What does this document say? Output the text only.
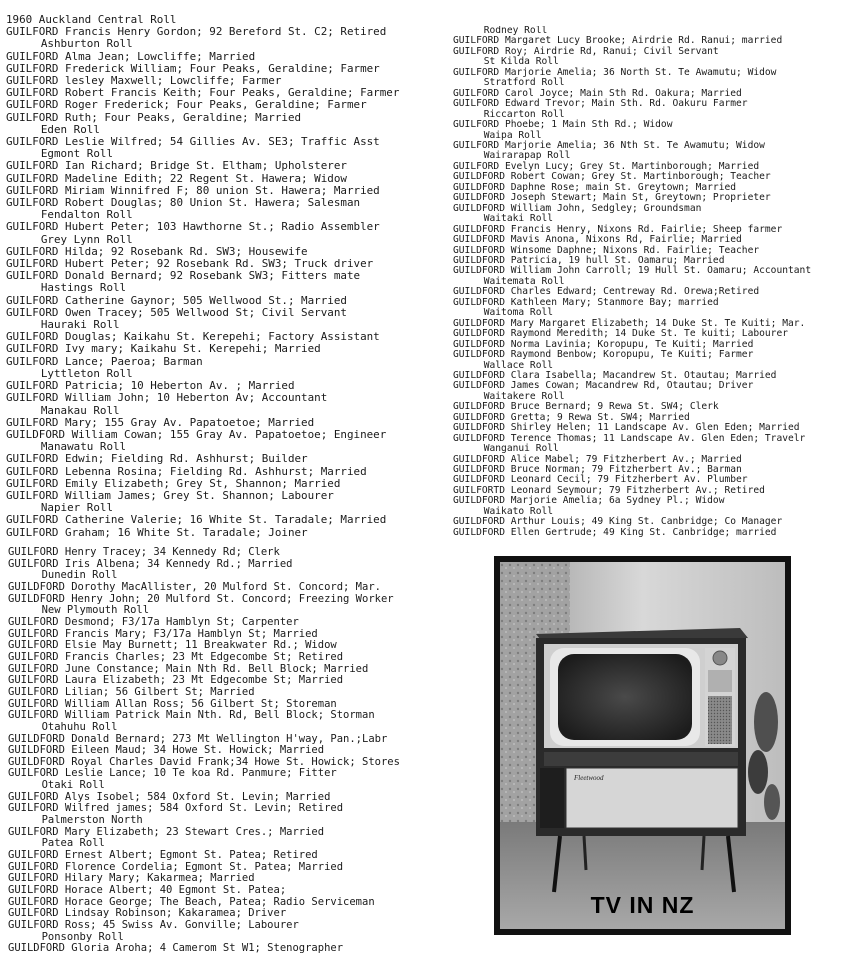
1960 Auckland Central Roll
GUILFORD Francis Henry Gordon; 92 Bereford St. C2; Retired
Ashburton Roll
GUILFORD Alma Jean; Lowcliffe; Married
GUILFORD Frederick William; Four Peaks, Geraldine; Farmer
GUILFORD lesley Maxwell; Lowcliffe; Farmer
GUILFORD Robert Francis Keith; Four Peaks, Geraldine; Farmer
GUILFORD Roger Frederick; Four Peaks, Geraldine; Farmer
GUILFORD Ruth; Four Peaks, Geraldine; Married
Eden Roll
GUILFORD Leslie Wilfred; 54 Gillies Av. SE3; Traffic Asst
Egmont Roll
GUILFORD Ian Richard; Bridge St. Eltham; Upholsterer
GUILFORD Madeline Edith; 22 Regent St. Hawera; Widow
GUILFORD Miriam Winnifred F; 80 union St. Hawera; Married
GUILFORD Robert Douglas; 80 Union St. Hawera; Salesman
Fendalton Roll
GUILFORD Hubert Peter; 103 Hawthorne St.; Radio Assembler
Grey Lynn Roll
GUILFORD Hilda; 92 Rosebank Rd. SW3; Housewife
GUILFORD Hubert Peter; 92 Rosebank Rd. SW3; Truck driver
GUILFORD Donald Bernard; 92 Rosebank SW3; Fitters mate
Hastings Roll
GUILFORD Catherine Gaynor; 505 Wellwood St.; Married
GUILFORD Owen Tracey; 505 Wellwood St; Civil Servant
Hauraki Roll
GUILFORD Douglas; Kaikahu St. Kerepehi; Factory Assistant
GUILFORD Ivy mary; Kaikahu St. Kerepehi; Married
GUILFORD Lance; Paeroa; Barman
Lyttleton Roll
GUILFORD Patricia; 10 Heberton Av. ; Married
GUILFORD William John; 10 Heberton Av; Accountant
Manakau Roll
GUILFORD Mary; 155 Gray Av. Papatoetoe; Married
GUILDFORD William Cowan; 155 Gray Av. Papatoetoe; Engineer
Manawatu Roll
GUILFORD Edwin; Fielding Rd. Ashhurst; Builder
GUILFORD Lebenna Rosina; Fielding Rd. Ashhurst; Married
GUILFORD Emily Elizabeth; Grey St, Shannon; Married
GUILFORD William James; Grey St. Shannon; Labourer
Napier Roll
GUILFORD Catherine Valerie; 16 White St. Taradale; Married
GUILFORD Graham; 16 White St. Taradale; Joiner
Rodney Roll
GUILFORD Margaret Lucy Brooke; Airdrie Rd. Ranui; married
GUILFORD Roy; Airdrie Rd, Ranui; Civil Servant
St Kilda Roll
GUILFORD Marjorie Amelia; 36 North St. Te Awamutu; Widow
Stratford Roll
GUILFORD Carol Joyce; Main Sth Rd. Oakura; Married
GUILFORD Edward Trevor; Main Sth. Rd. Oakuru Farmer
Riccarton Roll
GUILFORD Phoebe; 1 Main Sth Rd.; Widow
Waipa Roll
GUILFORD Marjorie Amelia; 36 Nth St. Te Awamutu; Widow
Wairarapap Roll
GUILFORD Evelyn Lucy; Grey St. Martinborough; Married
GUILDFORD Robert Cowan; Grey St. Martinborough; Teacher
GUILDFORD Daphne Rose; main St. Greytown; Married
GUILDFORD Joseph Stewart; Main St, Greytown; Proprieter
GUILDFORD William John, Sedgley; Groundsman
Waitaki Roll
GUILDFORD Francis Henry, Nixons Rd. Fairlie; Sheep farmer
GUILDFORD Mavis Anona, Nixons Rd, Fairlie; Married
GUILDFORD Winsome Daphne; Nixons Rd. Fairlie; Teacher
GUILDFORD Patricia, 19 hull St. Oamaru; Married
GUILDFORD William John Carroll; 19 Hull St. Oamaru; Accountant
Waitemata Roll
GUILDFORD Charles Edward; Centreway Rd. Orewa;Retired
GUILDFORD Kathleen Mary; Stanmore Bay; married
Waitoma Roll
GUILDFORD Mary Margaret Elizabeth; 14 Duke St. Te Kuiti; Mar.
GUILDFORD Raymond Meredith; 14 Duke St. Te kuiti; Labourer
GUILDFORD Norma Lavinia; Koropupu, Te Kuiti; Married
GUILDFORD Raymond Benbow; Koropupu, Te Kuiti; Farmer
Wallace Roll
GUILDFORD Clara Isabella; Macandrew St. Otautau; Married
GUILDFORD James Cowan; Macandrew Rd, Otautau; Driver
Waitakere Roll
GUILDFORD Bruce Bernard; 9 Rewa St. SW4; Clerk
GUILDFORD Gretta; 9 Rewa St. SW4; Married
GUILDFORD Shirley Helen; 11 Landscape Av. Glen Eden; Married
GUILDFORD Terence Thomas; 11 Landscape Av. Glen Eden; Travelr
Wanganui Roll
GUILDFORD Alice Mabel; 79 Fitzherbert Av.; Married
GUILDFORD Bruce Norman; 79 Fitzherbert Av.; Barman
GUILDFORD Leonard Cecil; 79 Fitzherbert Av. Plumber
GUILFORTD Leonard Seymour; 79 Fitzherbert Av.; Retired
GUILDFORD Marjorie Amelia; 6a Sydney Pl.; Widow
Waikato Roll
GUILDFORD Arthur Louis; 49 King St. Canbridge; Co Manager
GUILDFORD Ellen Gertrude; 49 King St. Canbridge; married
GUILFORD Henry Tracey; 34 Kennedy Rd; Clerk
GUILFORD Iris Albena; 34 Kennedy Rd.; Married
Dunedin Roll
GUILDFORD Dorothy MacAllister, 20 Mulford St. Concord; Mar.
GUILDFORD Henry John; 20 Mulford St. Concord; Freezing Worker
New Plymouth Roll
GUILFORD Desmond; F3/17a Hamblyn St; Carpenter
GUILFORD Francis Mary; F3/17a Hamblyn St; Married
GUILFORD Elsie May Burnett; 11 Breakwater Rd.; Widow
GUILFORD Francis Charles; 23 Mt Edgecombe St; Retired
GUILFORD June Constance; Main Nth Rd. Bell Block; Married
GUILFORD Laura Elizabeth; 23 Mt Edgecombe St; Married
GUILFORD Lilian; 56 Gilbert St; Married
GUILFORD William Allan Ross; 56 Gilbert St; Storeman
GUILFORD William Patrick Main Nth. Rd, Bell Block; Storman
Otahuhu Roll
GUILDFORD Donald Bernard; 273 Mt Wellington H'way, Pan.;Labr
GUILDFORD Eileen Maud; 34 Howe St. Howick; Married
GUILDFORD Royal Charles David Frank;34 Howe St. Howick; Stores
GUILFORD Leslie Lance; 10 Te koa Rd. Panmure; Fitter
Otaki Roll
GUILFORD Alys Isobel; 584 Oxford St. Levin; Married
GUILFORD Wilfred james; 584 Oxford St. Levin; Retired
Palmerston North
GUILFORD Mary Elizabeth; 23 Stewart Cres.; Married
Patea Roll
GUILFORD Ernest Albert; Egmont St. Patea; Retired
GUILFORD Florence Cordelia; Egmont St. Patea; Married
GUILFORD Hilary Mary; Kakarmea; Married
GUILFORD Horace Albert; 40 Egmont St. Patea;
GUILFORD Horace George; The Beach, Patea; Radio Serviceman
GUILFORD Lindsay Robinson; Kakaramea; Driver
GUILFORD Ross; 45 Swiss Av. Gonville; Labourer
Ponsonby Roll
GUILDFORD Gloria Aroha; 4 Camerom St W1; Stenographer
Fleetwood
TV IN NZ
